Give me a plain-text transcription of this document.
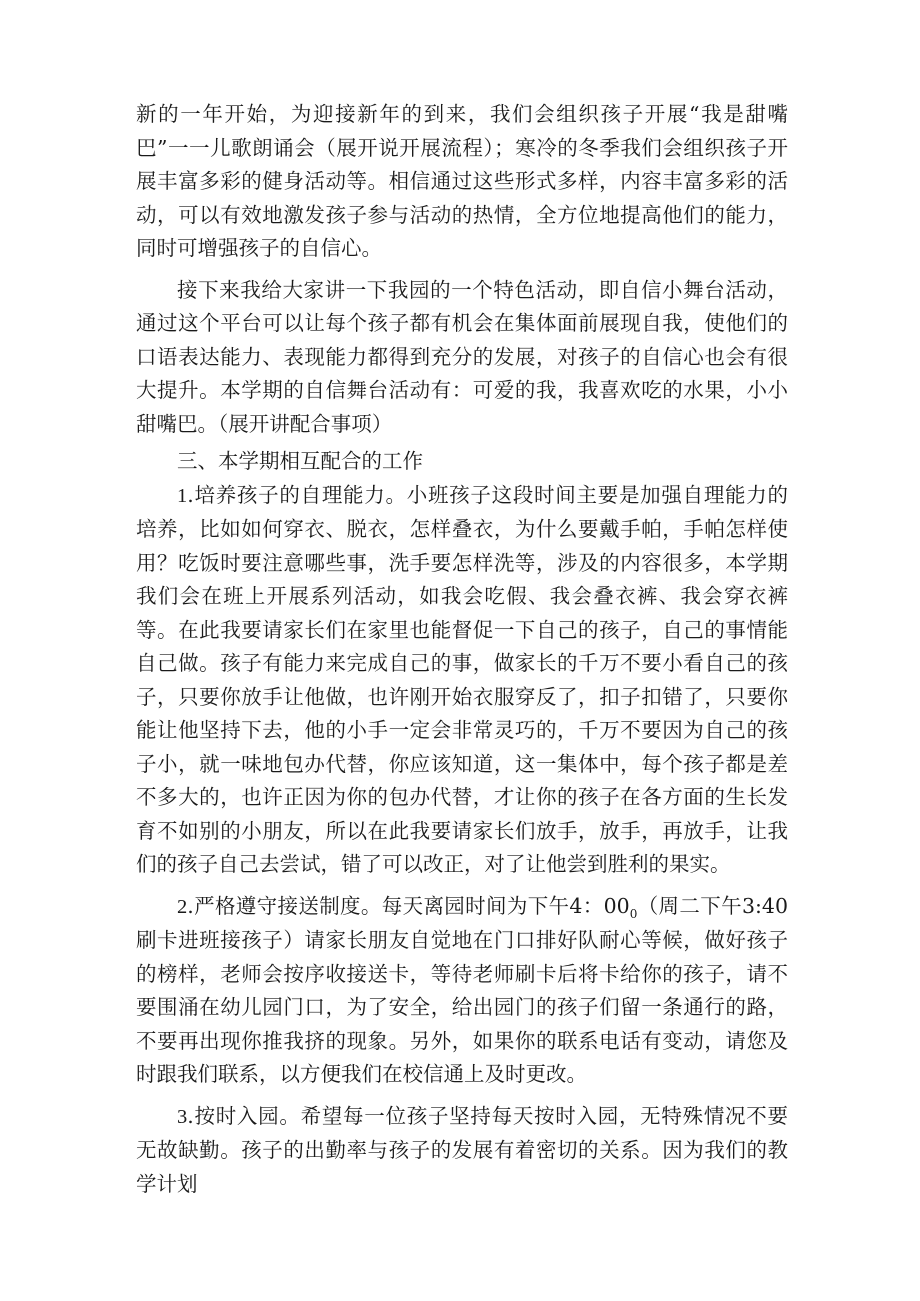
新的一年开始，为迎接新年的到来，我们会组织孩子开展“我是甜嘴巴”一一儿歌朗诵会（展开说开展流程）；寒冷的冬季我们会组织孩子开展丰富多彩的健身活动等。相信通过这些形式多样，内容丰富多彩的活动，可以有效地激发孩子参与活动的热情，全方位地提高他们的能力，同时可增强孩子的自信心。

接下来我给大家讲一下我园的一个特色活动，即自信小舞台活动，通过这个平台可以让每个孩子都有机会在集体面前展现自我，使他们的口语表达能力、表现能力都得到充分的发展，对孩子的自信心也会有很大提升。本学期的自信舞台活动有：可爱的我，我喜欢吃的水果，小小甜嘴巴。（展开讲配合事项）

三、本学期相互配合的工作

1.培养孩子的自理能力。小班孩子这段时间主要是加强自理能力的培养，比如如何穿衣、脱衣，怎样叠衣，为什么要戴手帕，手帕怎样使用？吃饭时要注意哪些事，洗手要怎样洗等，涉及的内容很多，本学期我们会在班上开展系列活动，如我会吃假、我会叠衣裤、我会穿衣裤等。在此我要请家长们在家里也能督促一下自己的孩子，自己的事情能自己做。孩子有能力来完成自己的事，做家长的千万不要小看自己的孩子，只要你放手让他做，也许刚开始衣服穿反了，扣子扣错了，只要你能让他坚持下去，他的小手一定会非常灵巧的，千万不要因为自己的孩子小，就一味地包办代替，你应该知道，这一集体中，每个孩子都是差不多大的，也许正因为你的包办代替，才让你的孩子在各方面的生长发育不如别的小朋友，所以在此我要请家长们放手，放手，再放手，让我们的孩子自己去尝试，错了可以改正，对了让他尝到胜利的果实。

2.严格遵守接送制度。每天离园时间为下午4：$00_0$（周二下午3:40刷卡进班接孩子）请家长朋友自觉地在门口排好队耐心等候，做好孩子的榜样，老师会按序收接送卡，等待老师刷卡后将卡给你的孩子，请不要围涌在幼儿园门口，为了安全，给出园门的孩子们留一条通行的路，不要再出现你推我挤的现象。另外，如果你的联系电话有变动，请您及时跟我们联系，以方便我们在校信通上及时更改。

3.按时入园。希望每一位孩子坚持每天按时入园，无特殊情况不要无故缺勤。孩子的出勤率与孩子的发展有着密切的关系。因为我们的教学计划
